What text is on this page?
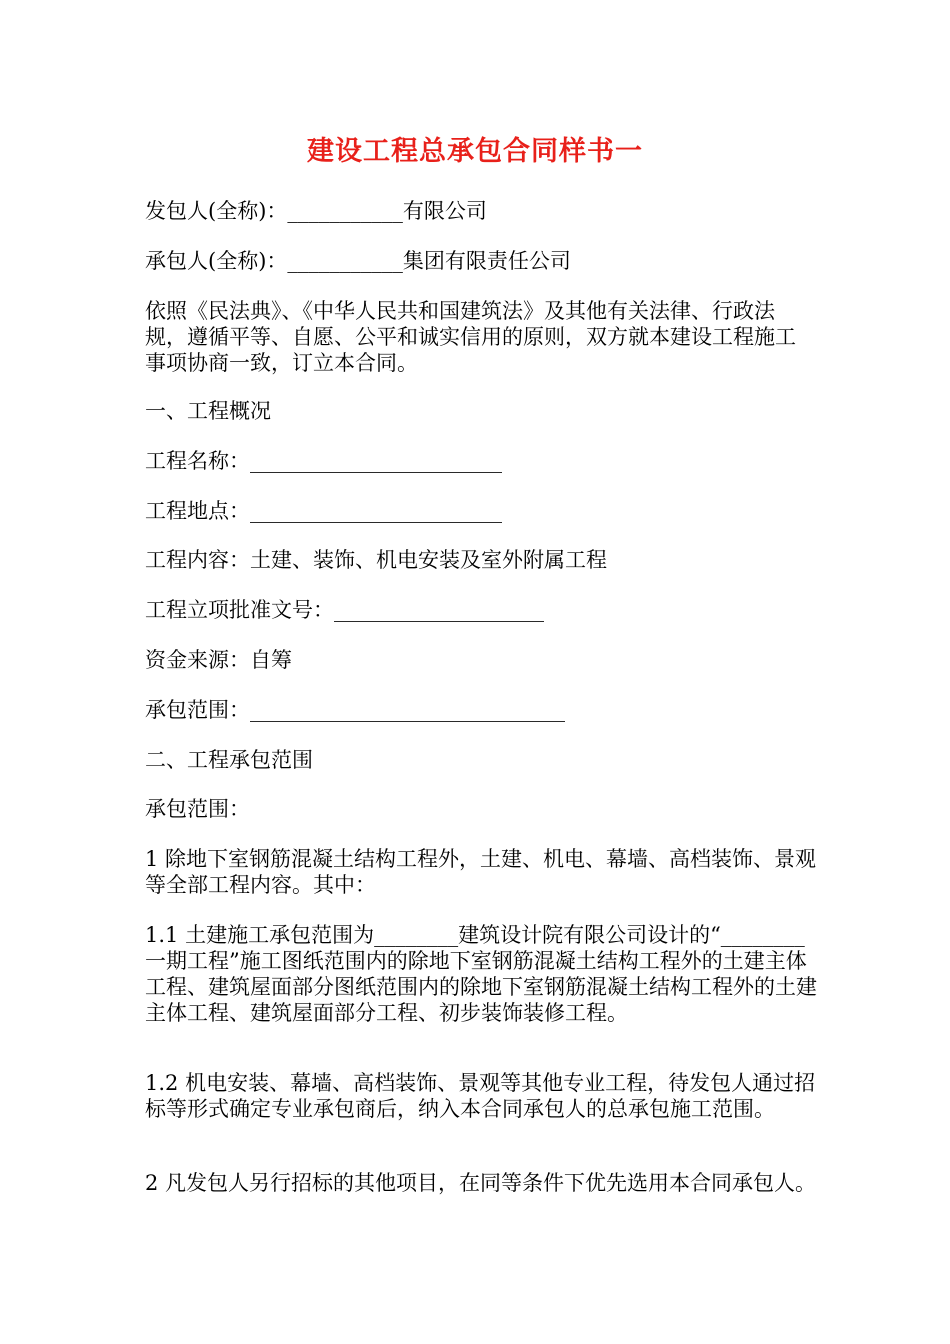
建设工程总承包合同样书一
发包人(全称)：___________有限公司
承包人(全称)：___________集团有限责任公司
依照《民法典》、《中华人民共和国建筑法》及其他有关法律、行政法规，遵循平等、自愿、公平和诚实信用的原则，双方就本建设工程施工事项协商一致，订立本合同。
一、工程概况
工程名称：________________________
工程地点：________________________
工程内容：土建、装饰、机电安装及室外附属工程
工程立项批准文号：____________________
资金来源：自筹
承包范围：______________________________
二、工程承包范围
承包范围：
1 除地下室钢筋混凝土结构工程外，土建、机电、幕墙、高档装饰、景观等全部工程内容。其中：
1.1 土建施工承包范围为________建筑设计院有限公司设计的“________一期工程”施工图纸范围内的除地下室钢筋混凝土结构工程外的土建主体工程、建筑屋面部分图纸范围内的除地下室钢筋混凝土结构工程外的土建主体工程、建筑屋面部分工程、初步装饰装修工程。
1.2 机电安装、幕墙、高档装饰、景观等其他专业工程，待发包人通过招标等形式确定专业承包商后，纳入本合同承包人的总承包施工范围。
2 凡发包人另行招标的其他项目，在同等条件下优先选用本合同承包人。
